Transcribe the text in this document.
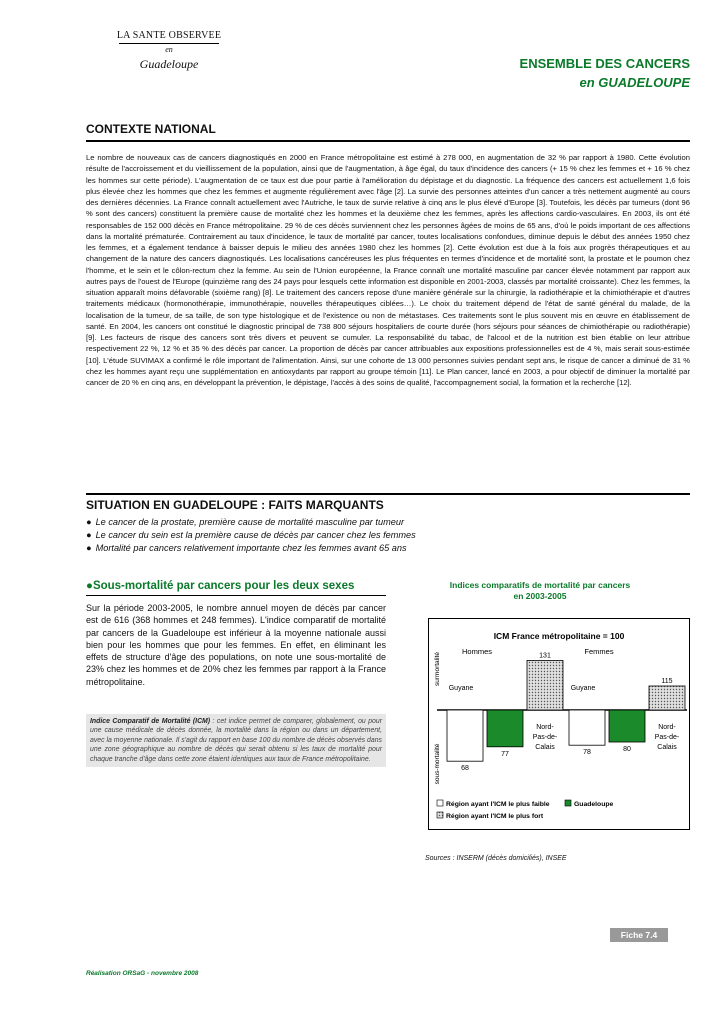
LA SANTE OBSERVEE
en
Guadeloupe	ENSEMBLE DES CANCERS
en GUADELOUPE
CONTEXTE NATIONAL
Le nombre de nouveaux cas de cancers diagnostiqués en 2000 en France métropolitaine est estimé à 278 000, en augmentation de 32 % par rapport à 1980. Cette évolution résulte de l'accroissement et du vieillissement de la population, ainsi que de l'augmentation, à âge égal, du taux d'incidence des cancers (+ 15 % chez les femmes et + 16 % chez les hommes sur cette période). L'augmentation de ce taux est due pour partie à l'amélioration du dépistage et du diagnostic. La fréquence des cancers est actuellement 1,6 fois plus élevée chez les hommes que chez les femmes et augmente régulièrement avec l'âge [2]. La survie des personnes atteintes d'un cancer a très nettement augmenté au cours des dernières décennies. La France connaît actuellement avec l'Autriche, le taux de survie relative à cinq ans le plus élevé d'Europe [3]. Toutefois, les décès par tumeurs (dont 96 % sont des cancers) constituent la première cause de mortalité chez les hommes et la deuxième chez les femmes, après les affections cardio-vasculaires. En 2003, ils ont été responsables de 152 000 décès en France métropolitaine. 29 % de ces décès surviennent chez les personnes âgées de moins de 65 ans, d'où le poids important de ces affections dans la mortalité prématurée. Contrairement au taux d'incidence, le taux de mortalité par cancer, toutes localisations confondues, diminue depuis le début des années 1950 chez les femmes, et a également tendance à baisser depuis le milieu des années 1980 chez les hommes [2]. Cette évolution est due à la fois aux progrès thérapeutiques et au changement de la nature des cancers diagnostiqués. Les localisations cancéreuses les plus fréquentes en termes d'incidence et de mortalité sont, la prostate et le poumon chez l'homme, et le sein et le côlon-rectum chez la femme. Au sein de l'Union européenne, la France connaît une mortalité masculine par cancer élevée notamment par rapport aux autres pays de l'ouest de l'Europe (quinzième rang des 24 pays pour lesquels cette information est disponible en 2001-2003, classés par mortalité croissante). Chez les femmes, la situation apparaît moins défavorable (sixième rang) [8]. Le traitement des cancers repose d'une manière générale sur la chirurgie, la radiothérapie et la chimiothérapie et d'autres traitements médicaux (hormonothérapie, immunothérapie, nouvelles thérapeutiques ciblées…). Le choix du traitement dépend de l'état de santé général du malade, de la localisation de la tumeur, de sa taille, de son type histologique et de l'existence ou non de métastases. Ces traitements sont le plus souvent mis en œuvre en établissement de santé. En 2004, les cancers ont constitué le diagnostic principal de 738 800 séjours hospitaliers de courte durée (hors séjours pour séances de chimiothérapie ou radiothérapie) [9]. Les facteurs de risque des cancers sont très divers et peuvent se cumuler. La responsabilité du tabac, de l'alcool et de la nutrition est bien établie on leur attribue respectivement 22 %, 12 % et 35 % des décès par cancer. La proportion de décès par cancer attribuables aux expositions professionnelles est de 4 %, mais serait sous-estimée [10]. L'étude SUVIMAX a confirmé le rôle important de l'alimentation. Ainsi, sur une cohorte de 13 000 personnes suivies pendant sept ans, le risque de cancer a diminué de 31 % chez les hommes ayant reçu une supplémentation en antioxydants par rapport au groupe témoin [11]. Le Plan cancer, lancé en 2003, a pour objectif de diminuer la mortalité par cancer de 20 % en cinq ans, en développant la prévention, le dépistage, l'accès à des soins de qualité, l'accompagnement social, la formation et la recherche [12].
SITUATION EN GUADELOUPE : FAITS MARQUANTS
● Le cancer de la prostate, première cause de mortalité masculine par tumeur
● Le cancer du sein est la première cause de décès par cancer chez les femmes
● Mortalité par cancers relativement importante chez les femmes avant 65 ans
●Sous-mortalité par cancers pour les deux sexes
Sur la période 2003-2005, le nombre annuel moyen de décès par cancer est de 616 (368 hommes et 248 femmes). L'indice comparatif de mortalité par cancers de la Guadeloupe est inférieur à la moyenne nationale aussi bien pour les hommes que pour les femmes. En effet, en éliminant les effets de structure d'âge des populations, on note une sous-mortalité de 23% chez les hommes et de 20% chez les femmes par rapport à la France métropolitaine.
Indice Comparatif de Mortalité (ICM) : cet indice permet de comparer, globalement, ou pour une cause médicale de décès donnée, la mortalité dans la région ou dans un département, avec la moyenne nationale. Il s'agit du rapport en base 100 du nombre de décès observés dans une zone géographique au nombre de décès qui serait obtenu si les taux de mortalité pour chaque tranche d'âge dans cette zone étaient identiques aux taux de France métropolitaine.
Indices comparatifs de mortalité par cancers
en 2003-2005
ICM France métropolitaine = 100
surmortalité
sous-mortalité
Hommes
68
Guyane
77
131
Nord-
Pas-de-
Calais
Femmes
78
Guyane
80
115
Nord-
Pas-de-
Calais
Région ayant l'ICM le plus faible	Guadeloupe
Région ayant l'ICM le plus fort
Sources : INSERM (décès domiciliés), INSEE
Fiche 7.4
Réalisation ORSaG - novembre 2008
